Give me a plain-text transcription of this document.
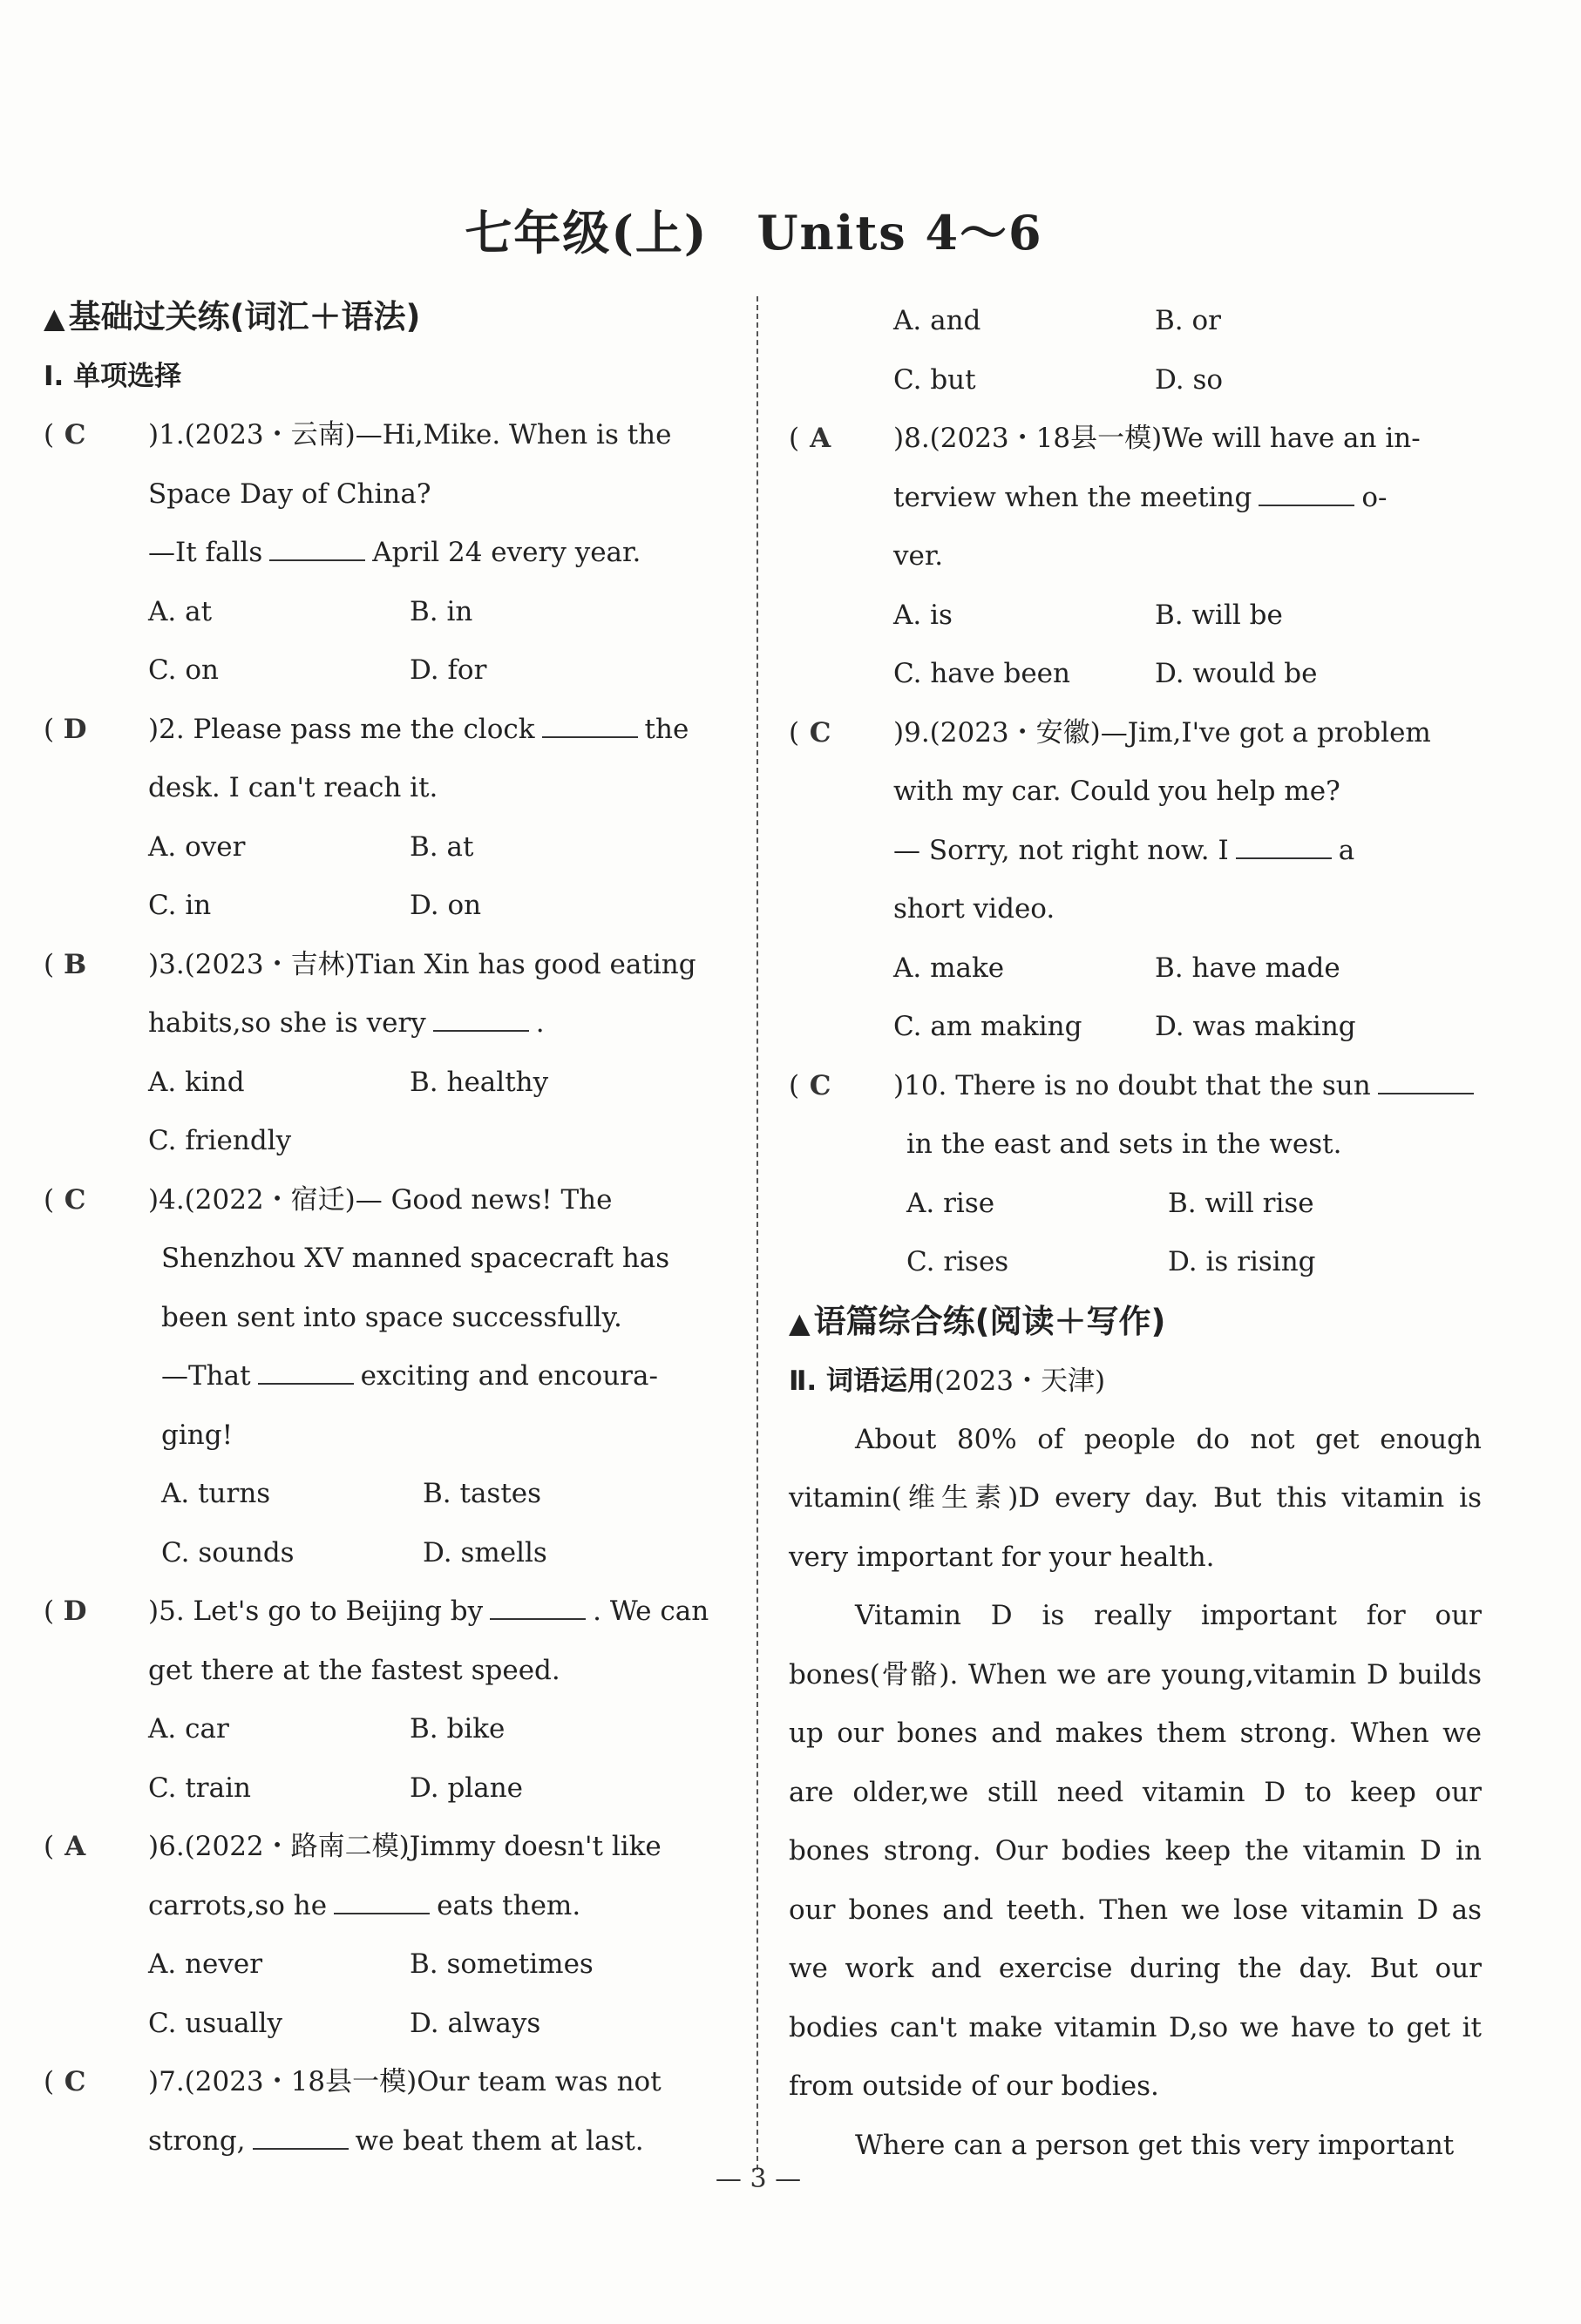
七年级(上)　Units 4～6
▲ 基础过关练(词汇＋语法)
Ⅰ. 单项选择
( C )1.(2023・云南)—Hi,Mike. When is the
Space Day of China?
—It falls	April 24 every year.
A. at	B. in
C. on	D. for
( D )2. Please pass me the clock	the
desk. I can't reach it.
A. over	B. at
C. in	D. on
( B )3.(2023・吉林)Tian Xin has good eating
habits,so she is very	.
A. kind	B. healthy
C. friendly
( C )4.(2022・宿迁)— Good news! The
Shenzhou ⅩⅤ manned spacecraft has
been sent into space successfully.
—That	exciting and encoura-
ging!
A. turns	B. tastes
C. sounds	D. smells
( D )5. Let's go to Beijing by	. We can
get there at the fastest speed.
A. car	B. bike
C. train	D. plane
( A )6.(2022・路南二模)Jimmy doesn't like
carrots,so he	eats them.
A. never	B. sometimes
C. usually	D. always
( C )7.(2023・18县一模)Our team was not
strong,	we beat them at last.
A. and	B. or
C. but	D. so
( A )8.(2023・18县一模)We will have an in-
terview when the meeting	o-
ver.
A. is	B. will be
C. have been	D. would be
( C )9.(2023・安徽)—Jim,I've got a problem
with my car. Could you help me?
— Sorry, not right now. I	a
short video.
A. make	B. have made
C. am making	D. was making
( C )10. There is no doubt that the sun
in the east and sets in the west.
A. rise	B. will rise
C. rises	D. is rising
▲ 语篇综合练(阅读＋写作)
Ⅱ. 词语运用(2023・天津)

About 80% of people do not get enough vitamin(维生素)D every day. But this vitamin is very important for your health.

Vitamin D is really important for our bones(骨骼). When we are young,vitamin D builds up our bones and makes them strong. When we are older,we still need vitamin D to keep our bones strong. Our bodies keep the vitamin D in our bones and teeth. Then we lose vitamin D as we work and exercise during the day. But our bodies can't make vitamin D,so we have to get it from outside of our bodies.

Where can a person get this very important

— 3 —
